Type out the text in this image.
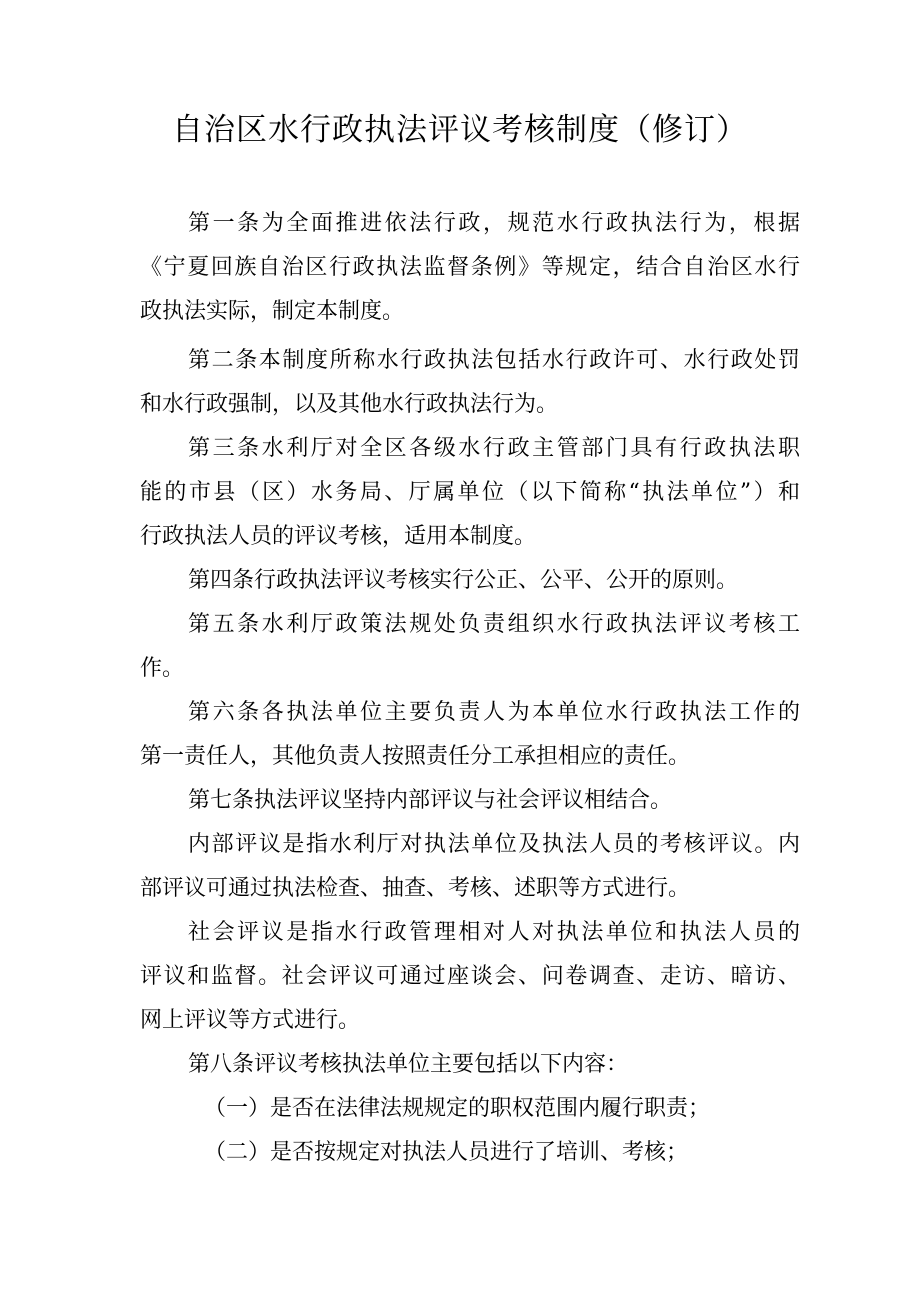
自治区水行政执法评议考核制度（修订）

第一条为全面推进依法行政，规范水行政执法行为，根据

《宁夏回族自治区行政执法监督条例》等规定，结合自治区水行

政执法实际，制定本制度。

第二条本制度所称水行政执法包括水行政许可、水行政处罚

和水行政强制，以及其他水行政执法行为。

第三条水利厅对全区各级水行政主管部门具有行政执法职

能的市县（区）水务局、厅属单位（以下简称“执法单位”）和

行政执法人员的评议考核，适用本制度。

第四条行政执法评议考核实行公正、公平、公开的原则。

第五条水利厅政策法规处负责组织水行政执法评议考核工

作。

第六条各执法单位主要负责人为本单位水行政执法工作的

第一责任人，其他负责人按照责任分工承担相应的责任。

第七条执法评议坚持内部评议与社会评议相结合。

内部评议是指水利厅对执法单位及执法人员的考核评议。内

部评议可通过执法检查、抽查、考核、述职等方式进行。

社会评议是指水行政管理相对人对执法单位和执法人员的

评议和监督。社会评议可通过座谈会、问卷调查、走访、暗访、

网上评议等方式进行。

第八条评议考核执法单位主要包括以下内容：

（一）是否在法律法规规定的职权范围内履行职责；

（二）是否按规定对执法人员进行了培训、考核；
